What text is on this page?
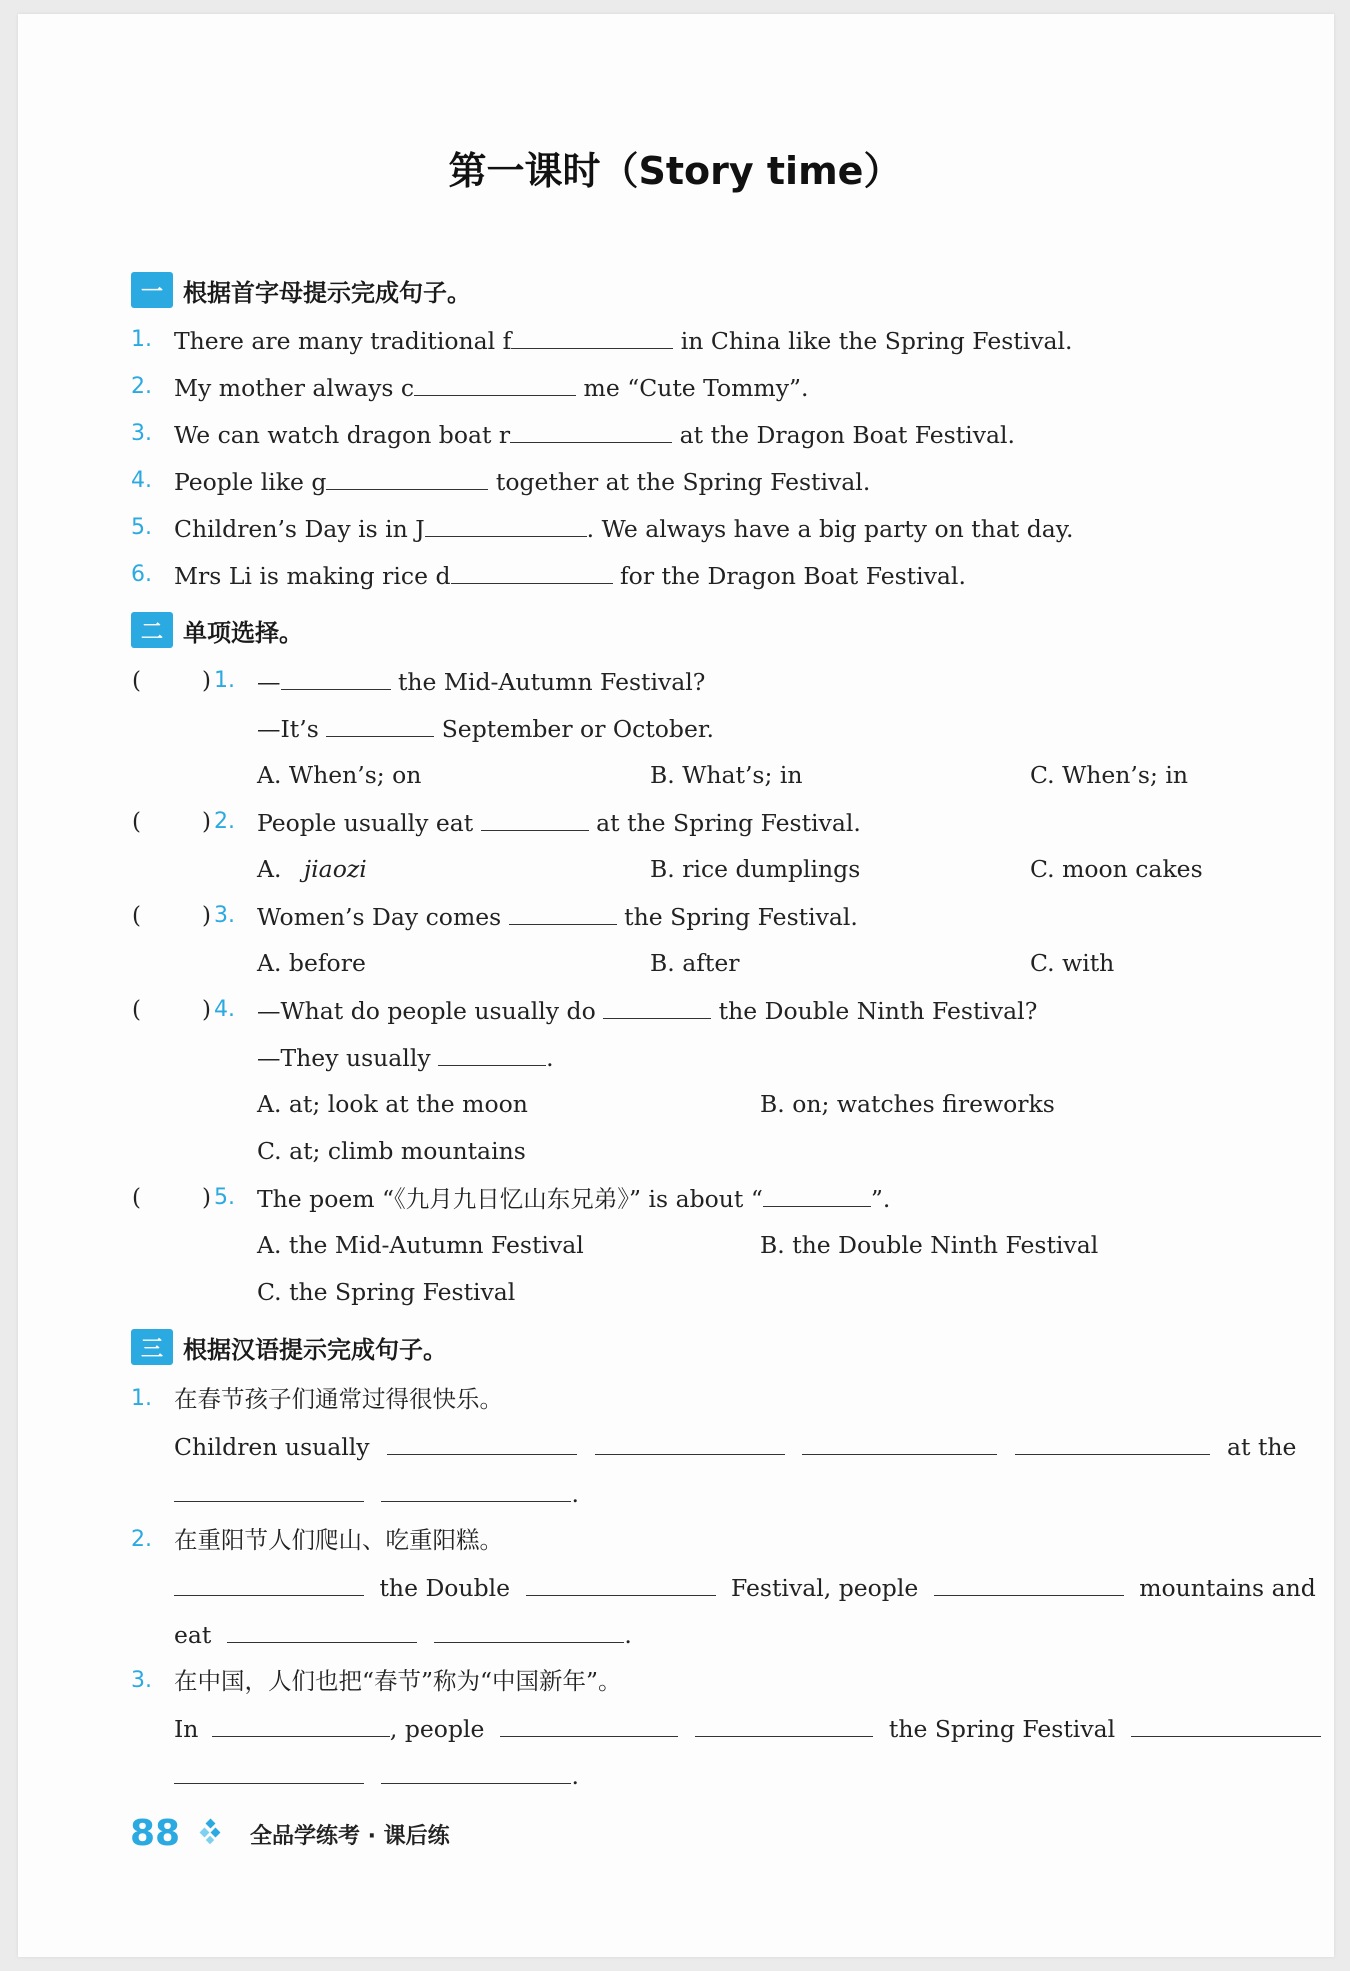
第一课时（Story time）
一 根据首字母提示完成句子。
1. There are many traditional f	in China like the Spring Festival.
2. My mother always c	me “Cute Tommy”.
3. We can watch dragon boat r	at the Dragon Boat Festival.
4. People like g	together at the Spring Festival.
5. Children’s Day is in J	. We always have a big party on that day.
6. Mrs Li is making rice d	for the Dragon Boat Festival.
二 单项选择。
(	) 1. —	the Mid-Autumn Festival?
—It’s	September or October.
A. When’s; on	B. What’s; in	C. When’s; in
(	) 2. People usually eat	at the Spring Festival.
A. jiaozi	B. rice dumplings	C. moon cakes
(	) 3. Women’s Day comes	the Spring Festival.
A. before	B. after	C. with
(	) 4. —What do people usually do	the Double Ninth Festival?
—They usually	.
A. at; look at the moon	B. on; watches fireworks
C. at; climb mountains
(	) 5. The poem “《九月九日忆山东兄弟》” is about “	”.
A. the Mid-Autumn Festival	B. the Double Ninth Festival
C. the Spring Festival
三 根据汉语提示完成句子。
1. 在春节孩子们通常过得很快乐。
Children usually	at the
.
2. 在重阳节人们爬山、吃重阳糕。
the Double	Festival, people	mountains and
eat	.
3. 在中国，人们也把“春节”称为“中国新年”。
In	, people	the Spring Festival
.
88	全品学练考 · 课后练
